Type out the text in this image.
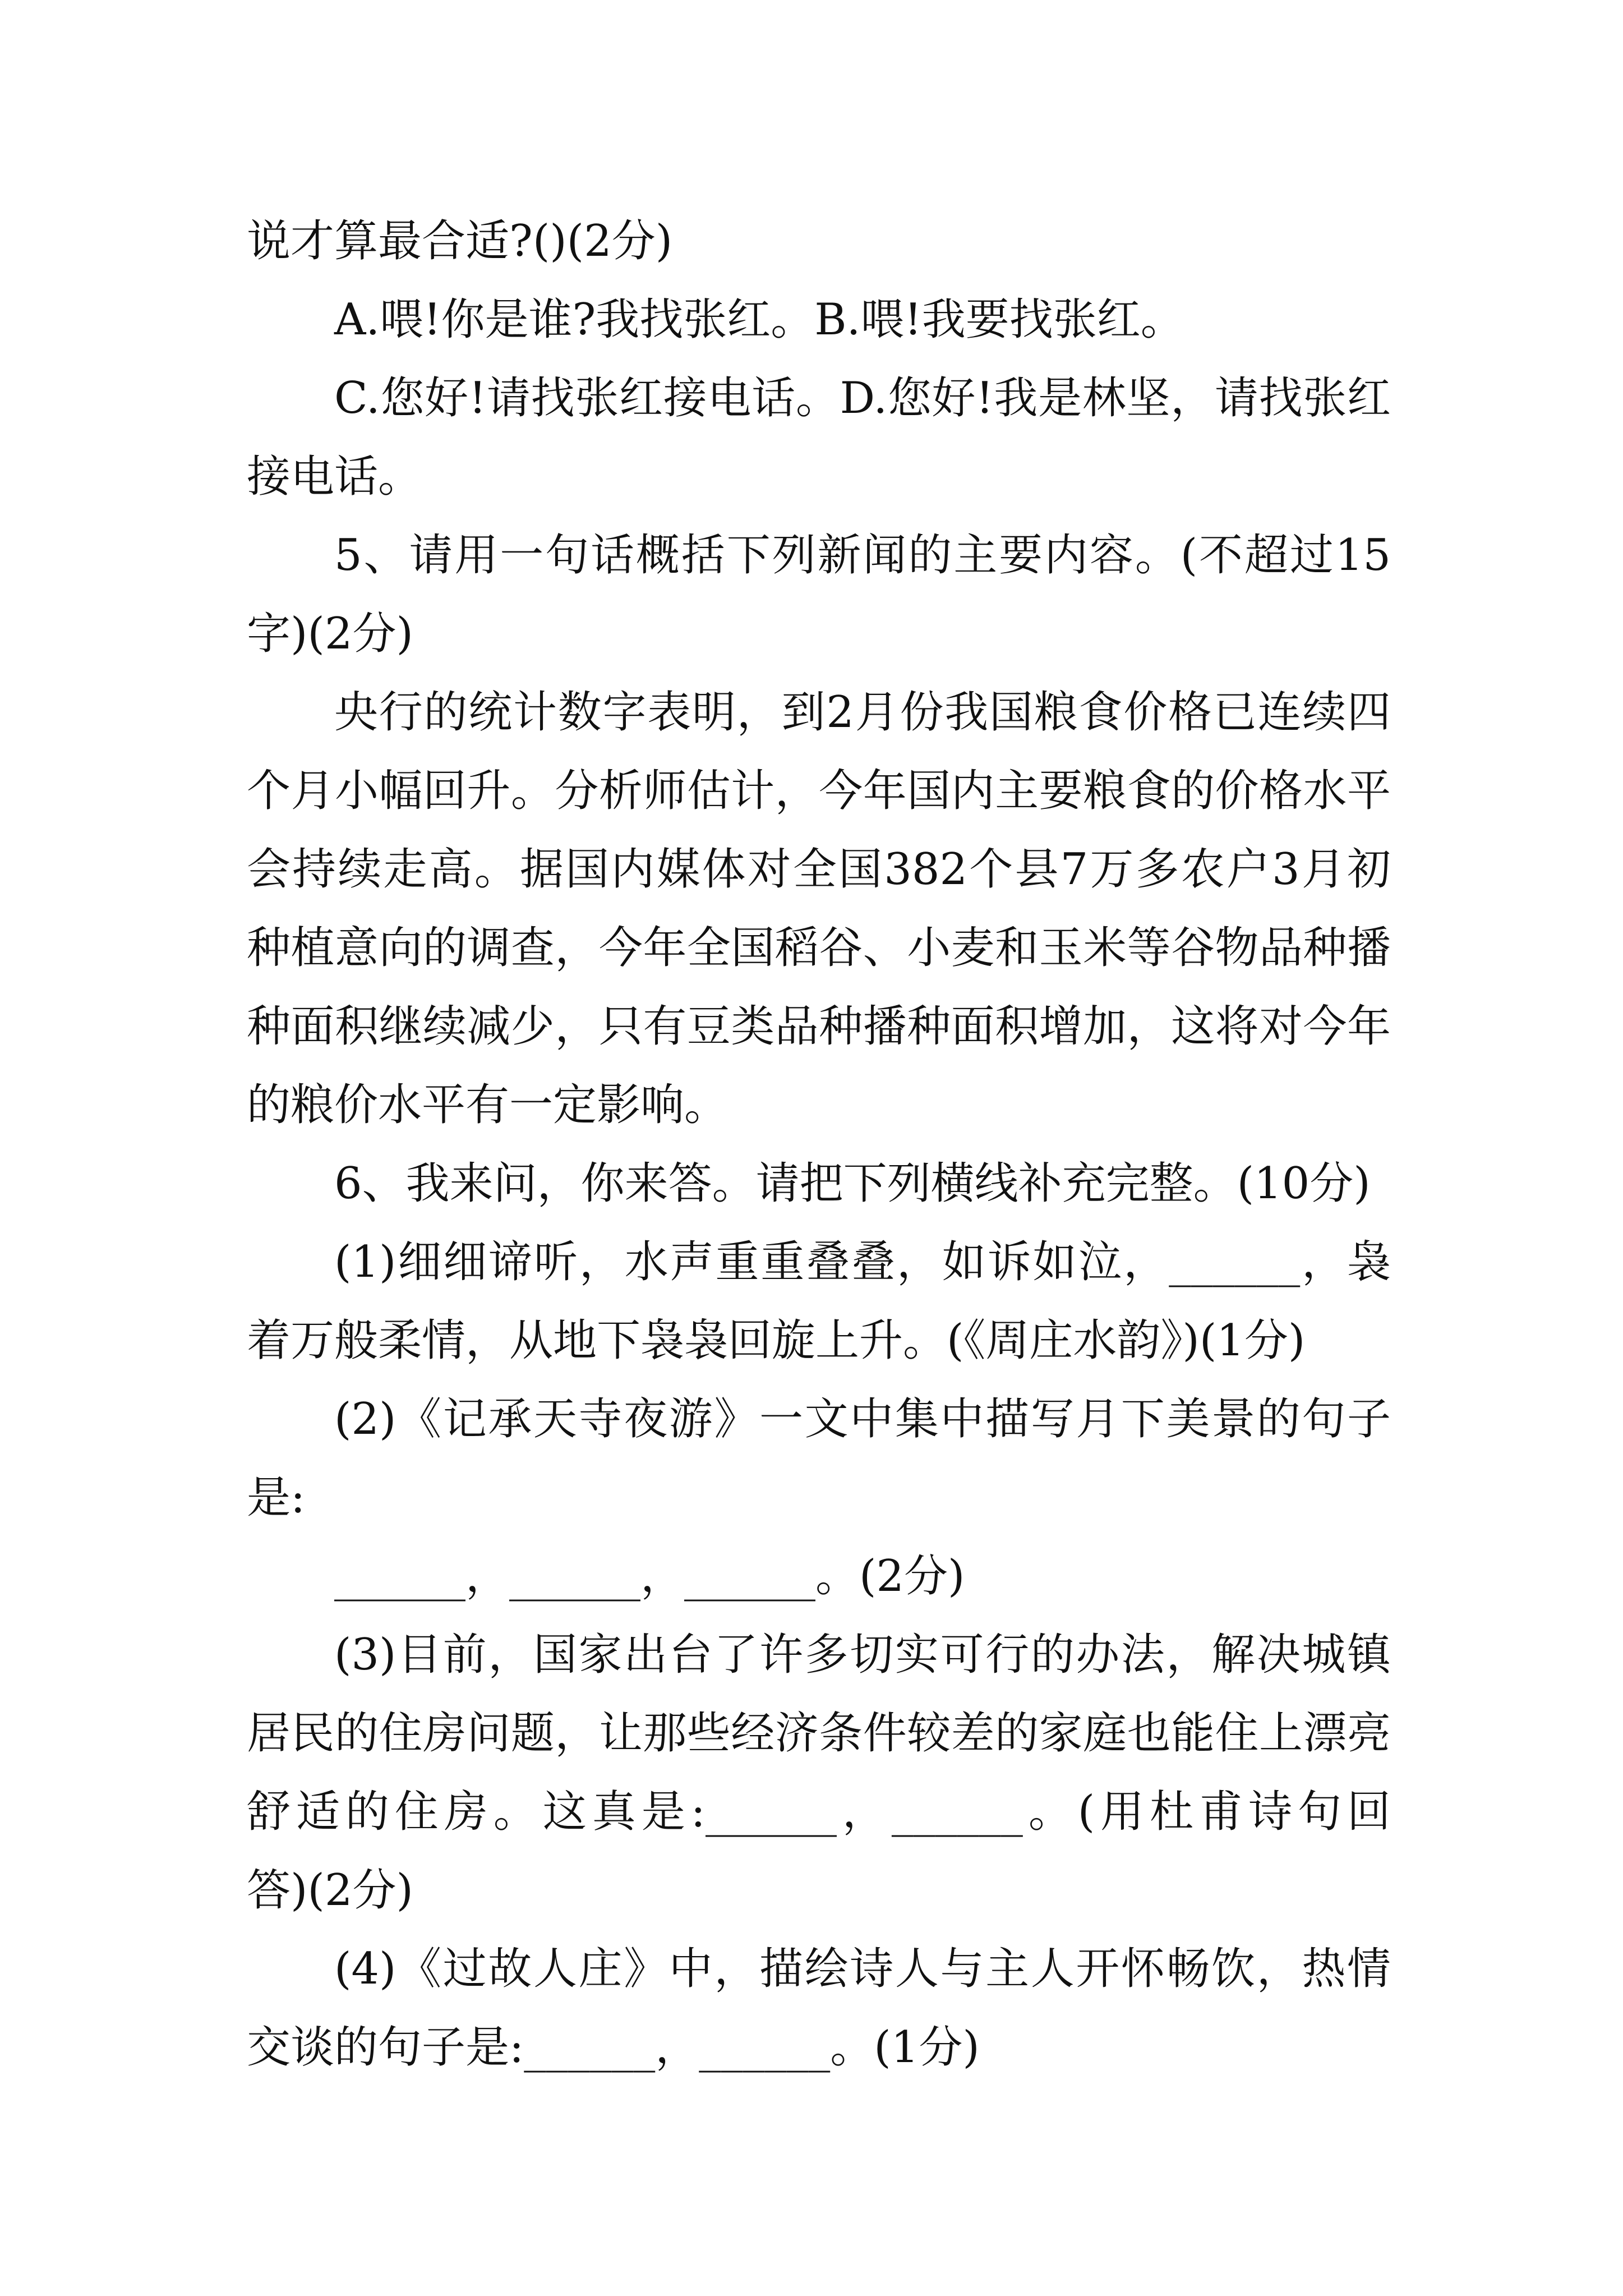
说才算最合适?()(2分)
A.喂!你是谁?我找张红。B.喂!我要找张红。
C.您好!请找张红接电话。D.您好!我是林坚，请找张红
接电话。
5、请用一句话概括下列新闻的主要内容。(不超过15
字)(2分)
央行的统计数字表明，到2月份我国粮食价格已连续四
个月小幅回升。分析师估计，今年国内主要粮食的价格水平
会持续走高。据国内媒体对全国382个县7万多农户3月初
种植意向的调查，今年全国稻谷、小麦和玉米等谷物品种播
种面积继续减少，只有豆类品种播种面积增加，这将对今年
的粮价水平有一定影响。
6、我来问，你来答。请把下列横线补充完整。(10分)
(1)细细谛听，水声重重叠叠，如诉如泣，______，袅
着万般柔情，从地下袅袅回旋上升。(《周庄水韵》)(1分)
(2)《记承天寺夜游》一文中集中描写月下美景的句子
是:
______，______，______。(2分)
(3)目前，国家出台了许多切实可行的办法，解决城镇
居民的住房问题，让那些经济条件较差的家庭也能住上漂亮
舒适的住房。这真是:______，______。(用杜甫诗句回
答)(2分)
(4)《过故人庄》中，描绘诗人与主人开怀畅饮，热情
交谈的句子是:______，______。(1分)
